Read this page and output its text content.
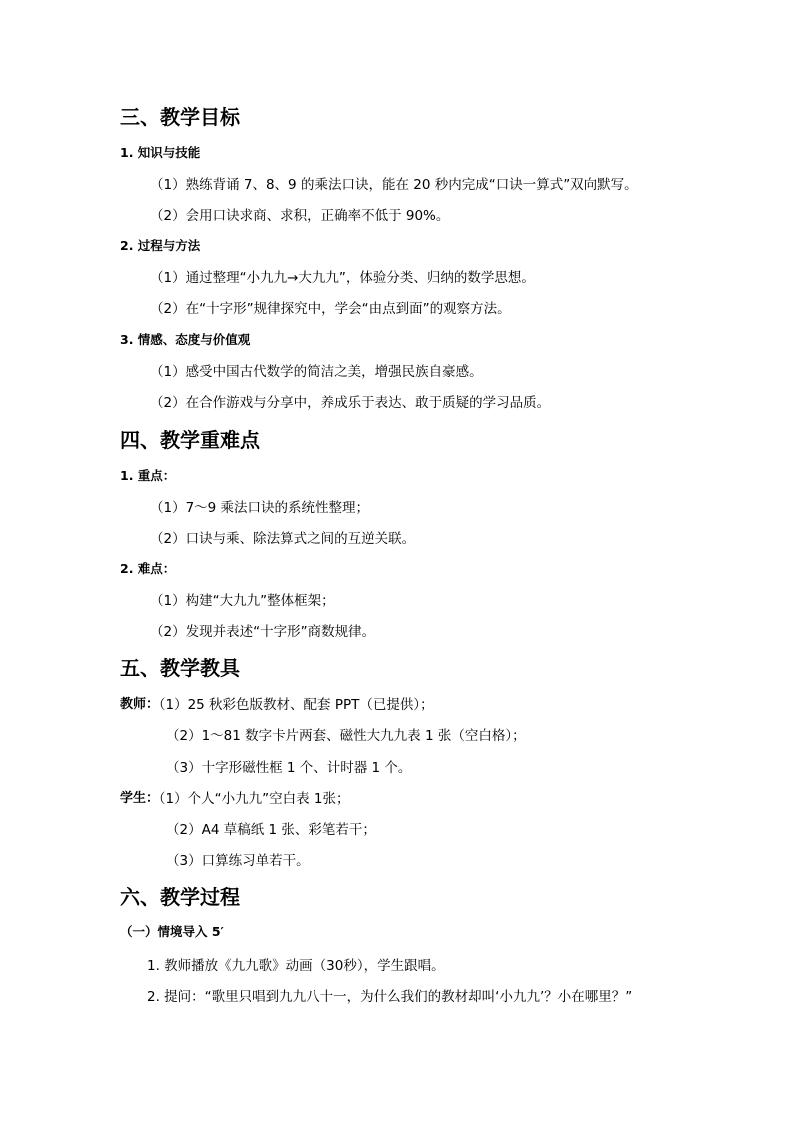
三、教学目标
1. 知识与技能
（1）熟练背诵 7、8、9 的乘法口诀，能在 20 秒内完成“口诀一算式”双向默写。
（2）会用口诀求商、求积，正确率不低于 90%。
2. 过程与方法
（1）通过整理“小九九→大九九”，体验分类、归纳的数学思想。
（2）在“十字形”规律探究中，学会“由点到面”的观察方法。
3. 情感、态度与价值观
（1）感受中国古代数学的简洁之美，增强民族自豪感。
（2）在合作游戏与分享中，养成乐于表达、敢于质疑的学习品质。
四、教学重难点
1. 重点：
（1）7～9 乘法口诀的系统性整理；
（2）口诀与乘、除法算式之间的互逆关联。
2. 难点：
（1）构建“大九九”整体框架；
（2）发现并表述“十字形”商数规律。
五、教学教具
教师：
（1）25 秋彩色版教材、配套 PPT（已提供）；
（2）1～81 数字卡片两套、磁性大九九表 1 张（空白格）；
（3）十字形磁性框 1 个、计时器 1 个。
学生：
（1）个人“小九九”空白表 1张；
（2）A4 草稿纸 1 张、彩笔若干；
（3）口算练习单若干。
六、教学过程
（一）情境导入 5′
1. 教师播放《九九歌》动画（30秒），学生跟唱。
2. 提问：“歌里只唱到九九八十一，为什么我们的教材却叫‘小九九’？小在哪里？”
